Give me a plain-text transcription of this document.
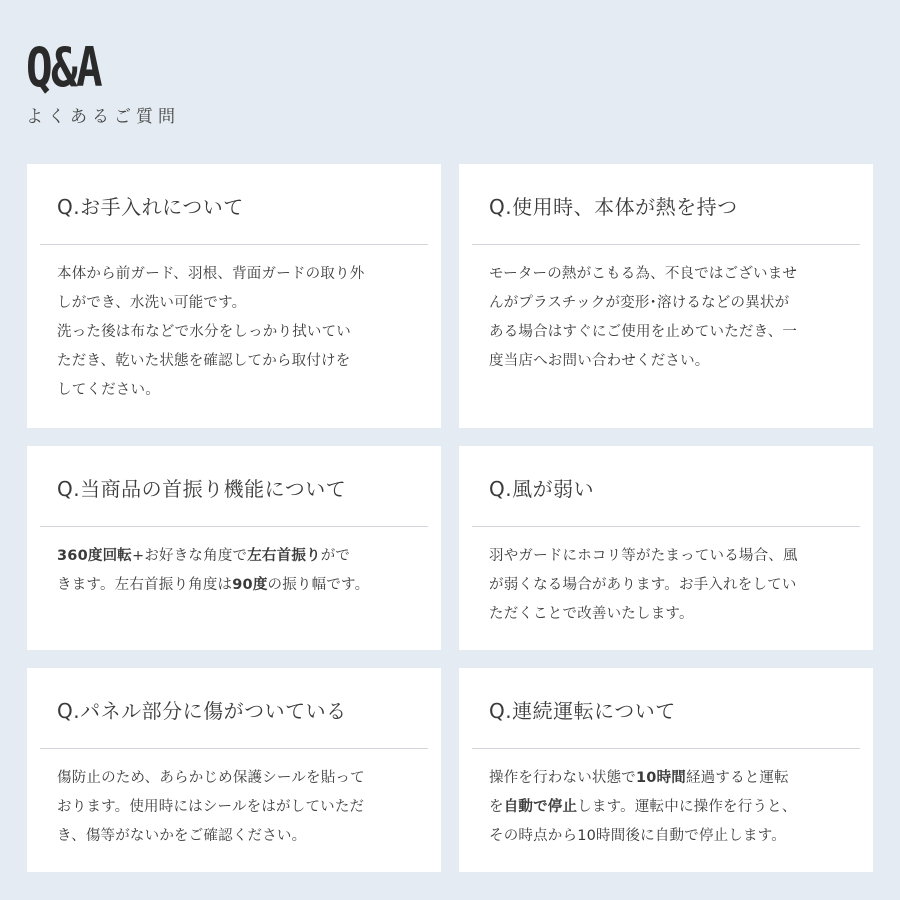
Q&A
よくあるご質問
Q.お手入れについて
本体から前ガード、羽根、背面ガードの取り外
しができ、水洗い可能です。
洗った後は布などで水分をしっかり拭いてい
ただき、乾いた状態を確認してから取付けを
してください。
Q.使用時、本体が熱を持つ
モーターの熱がこもる為、不良ではございませ
んがプラスチックが変形･溶けるなどの異状が
ある場合はすぐにご使用を止めていただき、一
度当店へお問い合わせください。
Q.当商品の首振り機能について
360度回転+お好きな角度で左右首振りがで
きます。左右首振り角度は90度の振り幅です。
Q.風が弱い
羽やガードにホコリ等がたまっている場合、風
が弱くなる場合があります。お手入れをしてい
ただくことで改善いたします。
Q.パネル部分に傷がついている
傷防止のため、あらかじめ保護シールを貼って
おります。使用時にはシールをはがしていただ
き、傷等がないかをご確認ください。
Q.連続運転について
操作を行わない状態で10時間経過すると運転
を自動で停止します。運転中に操作を行うと、
その時点から10時間後に自動で停止します。
